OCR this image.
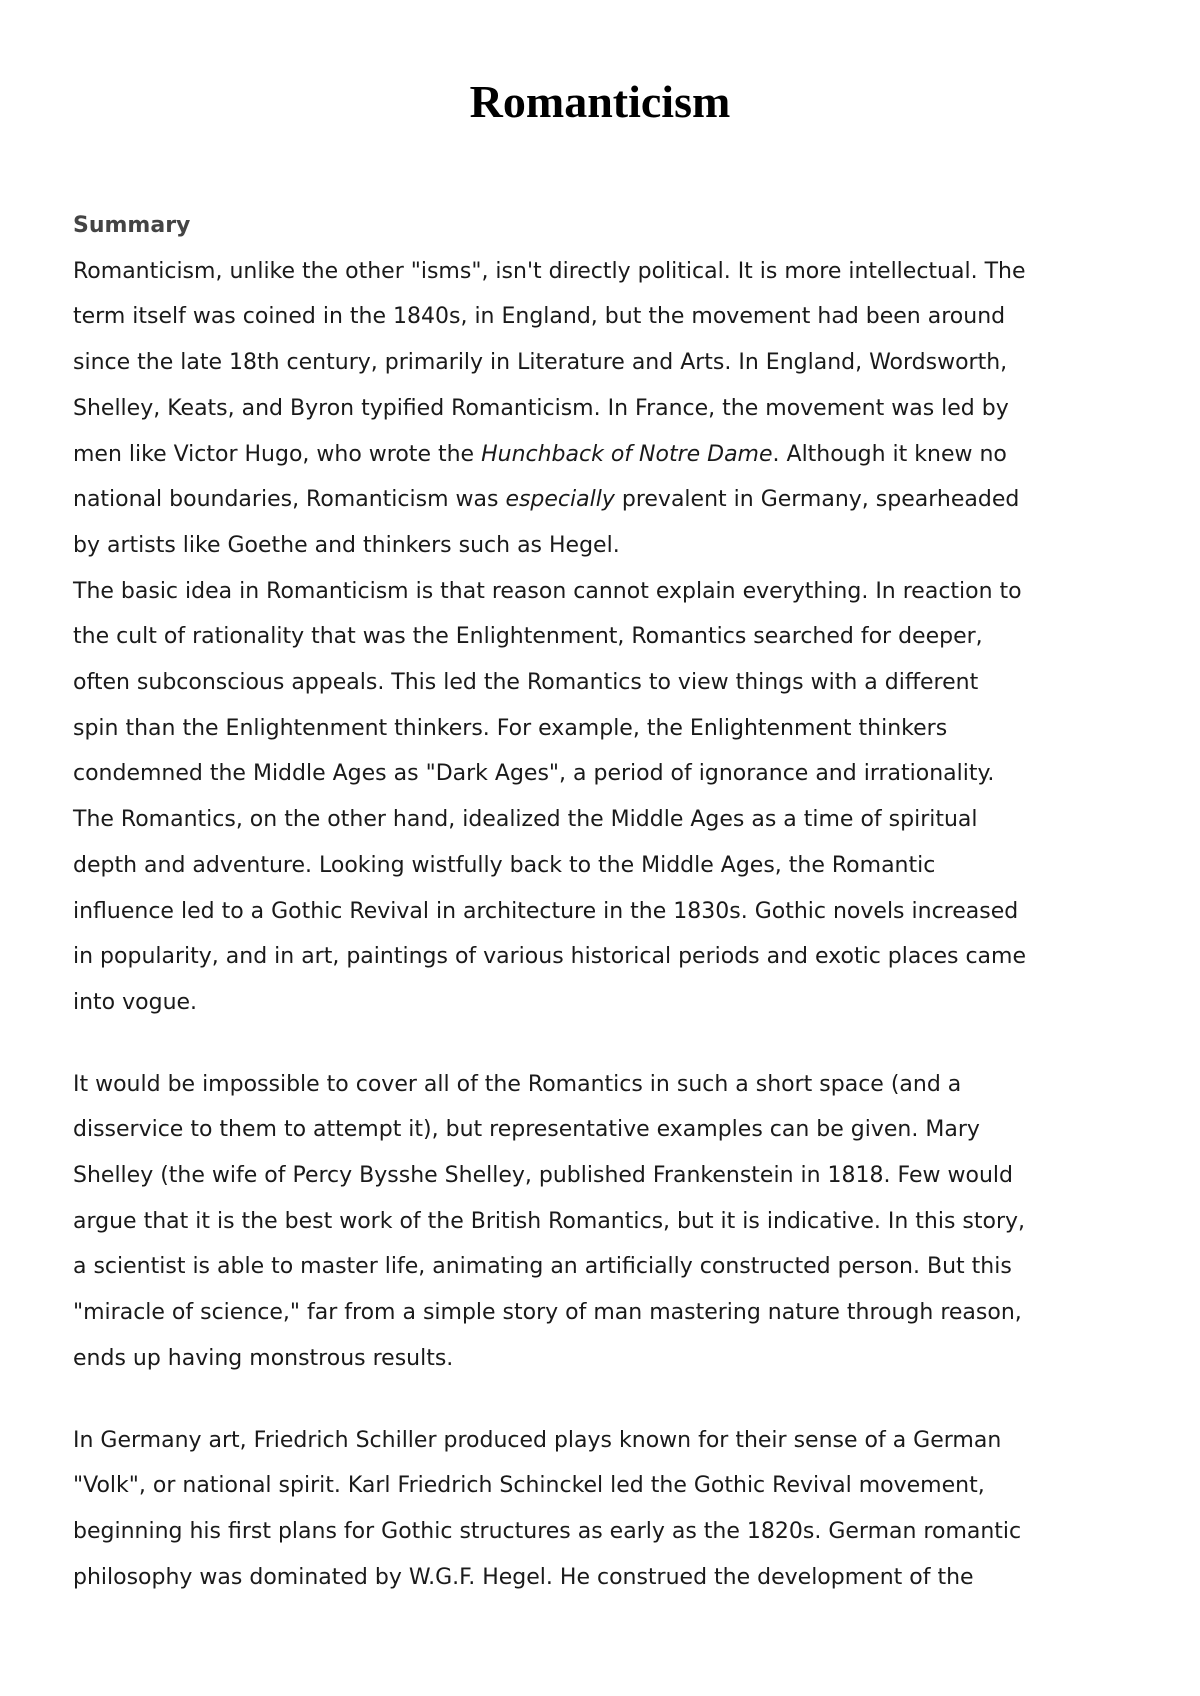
Romanticism
Summary
Romanticism, unlike the other "isms", isn't directly political. It is more intellectual. The
term itself was coined in the 1840s, in England, but the movement had been around
since the late 18th century, primarily in Literature and Arts. In England, Wordsworth,
Shelley, Keats, and Byron typified Romanticism. In France, the movement was led by
men like Victor Hugo, who wrote the Hunchback of Notre Dame. Although it knew no
national boundaries, Romanticism was especially prevalent in Germany, spearheaded
by artists like Goethe and thinkers such as Hegel.
The basic idea in Romanticism is that reason cannot explain everything. In reaction to
the cult of rationality that was the Enlightenment, Romantics searched for deeper,
often subconscious appeals. This led the Romantics to view things with a different
spin than the Enlightenment thinkers. For example, the Enlightenment thinkers
condemned the Middle Ages as "Dark Ages", a period of ignorance and irrationality.
The Romantics, on the other hand, idealized the Middle Ages as a time of spiritual
depth and adventure. Looking wistfully back to the Middle Ages, the Romantic
influence led to a Gothic Revival in architecture in the 1830s. Gothic novels increased
in popularity, and in art, paintings of various historical periods and exotic places came
into vogue.
It would be impossible to cover all of the Romantics in such a short space (and a
disservice to them to attempt it), but representative examples can be given. Mary
Shelley (the wife of Percy Bysshe Shelley, published Frankenstein in 1818. Few would
argue that it is the best work of the British Romantics, but it is indicative. In this story,
a scientist is able to master life, animating an artificially constructed person. But this
"miracle of science," far from a simple story of man mastering nature through reason,
ends up having monstrous results.
In Germany art, Friedrich Schiller produced plays known for their sense of a German
"Volk", or national spirit. Karl Friedrich Schinckel led the Gothic Revival movement,
beginning his first plans for Gothic structures as early as the 1820s. German romantic
philosophy was dominated by W.G.F. Hegel. He construed the development of the
